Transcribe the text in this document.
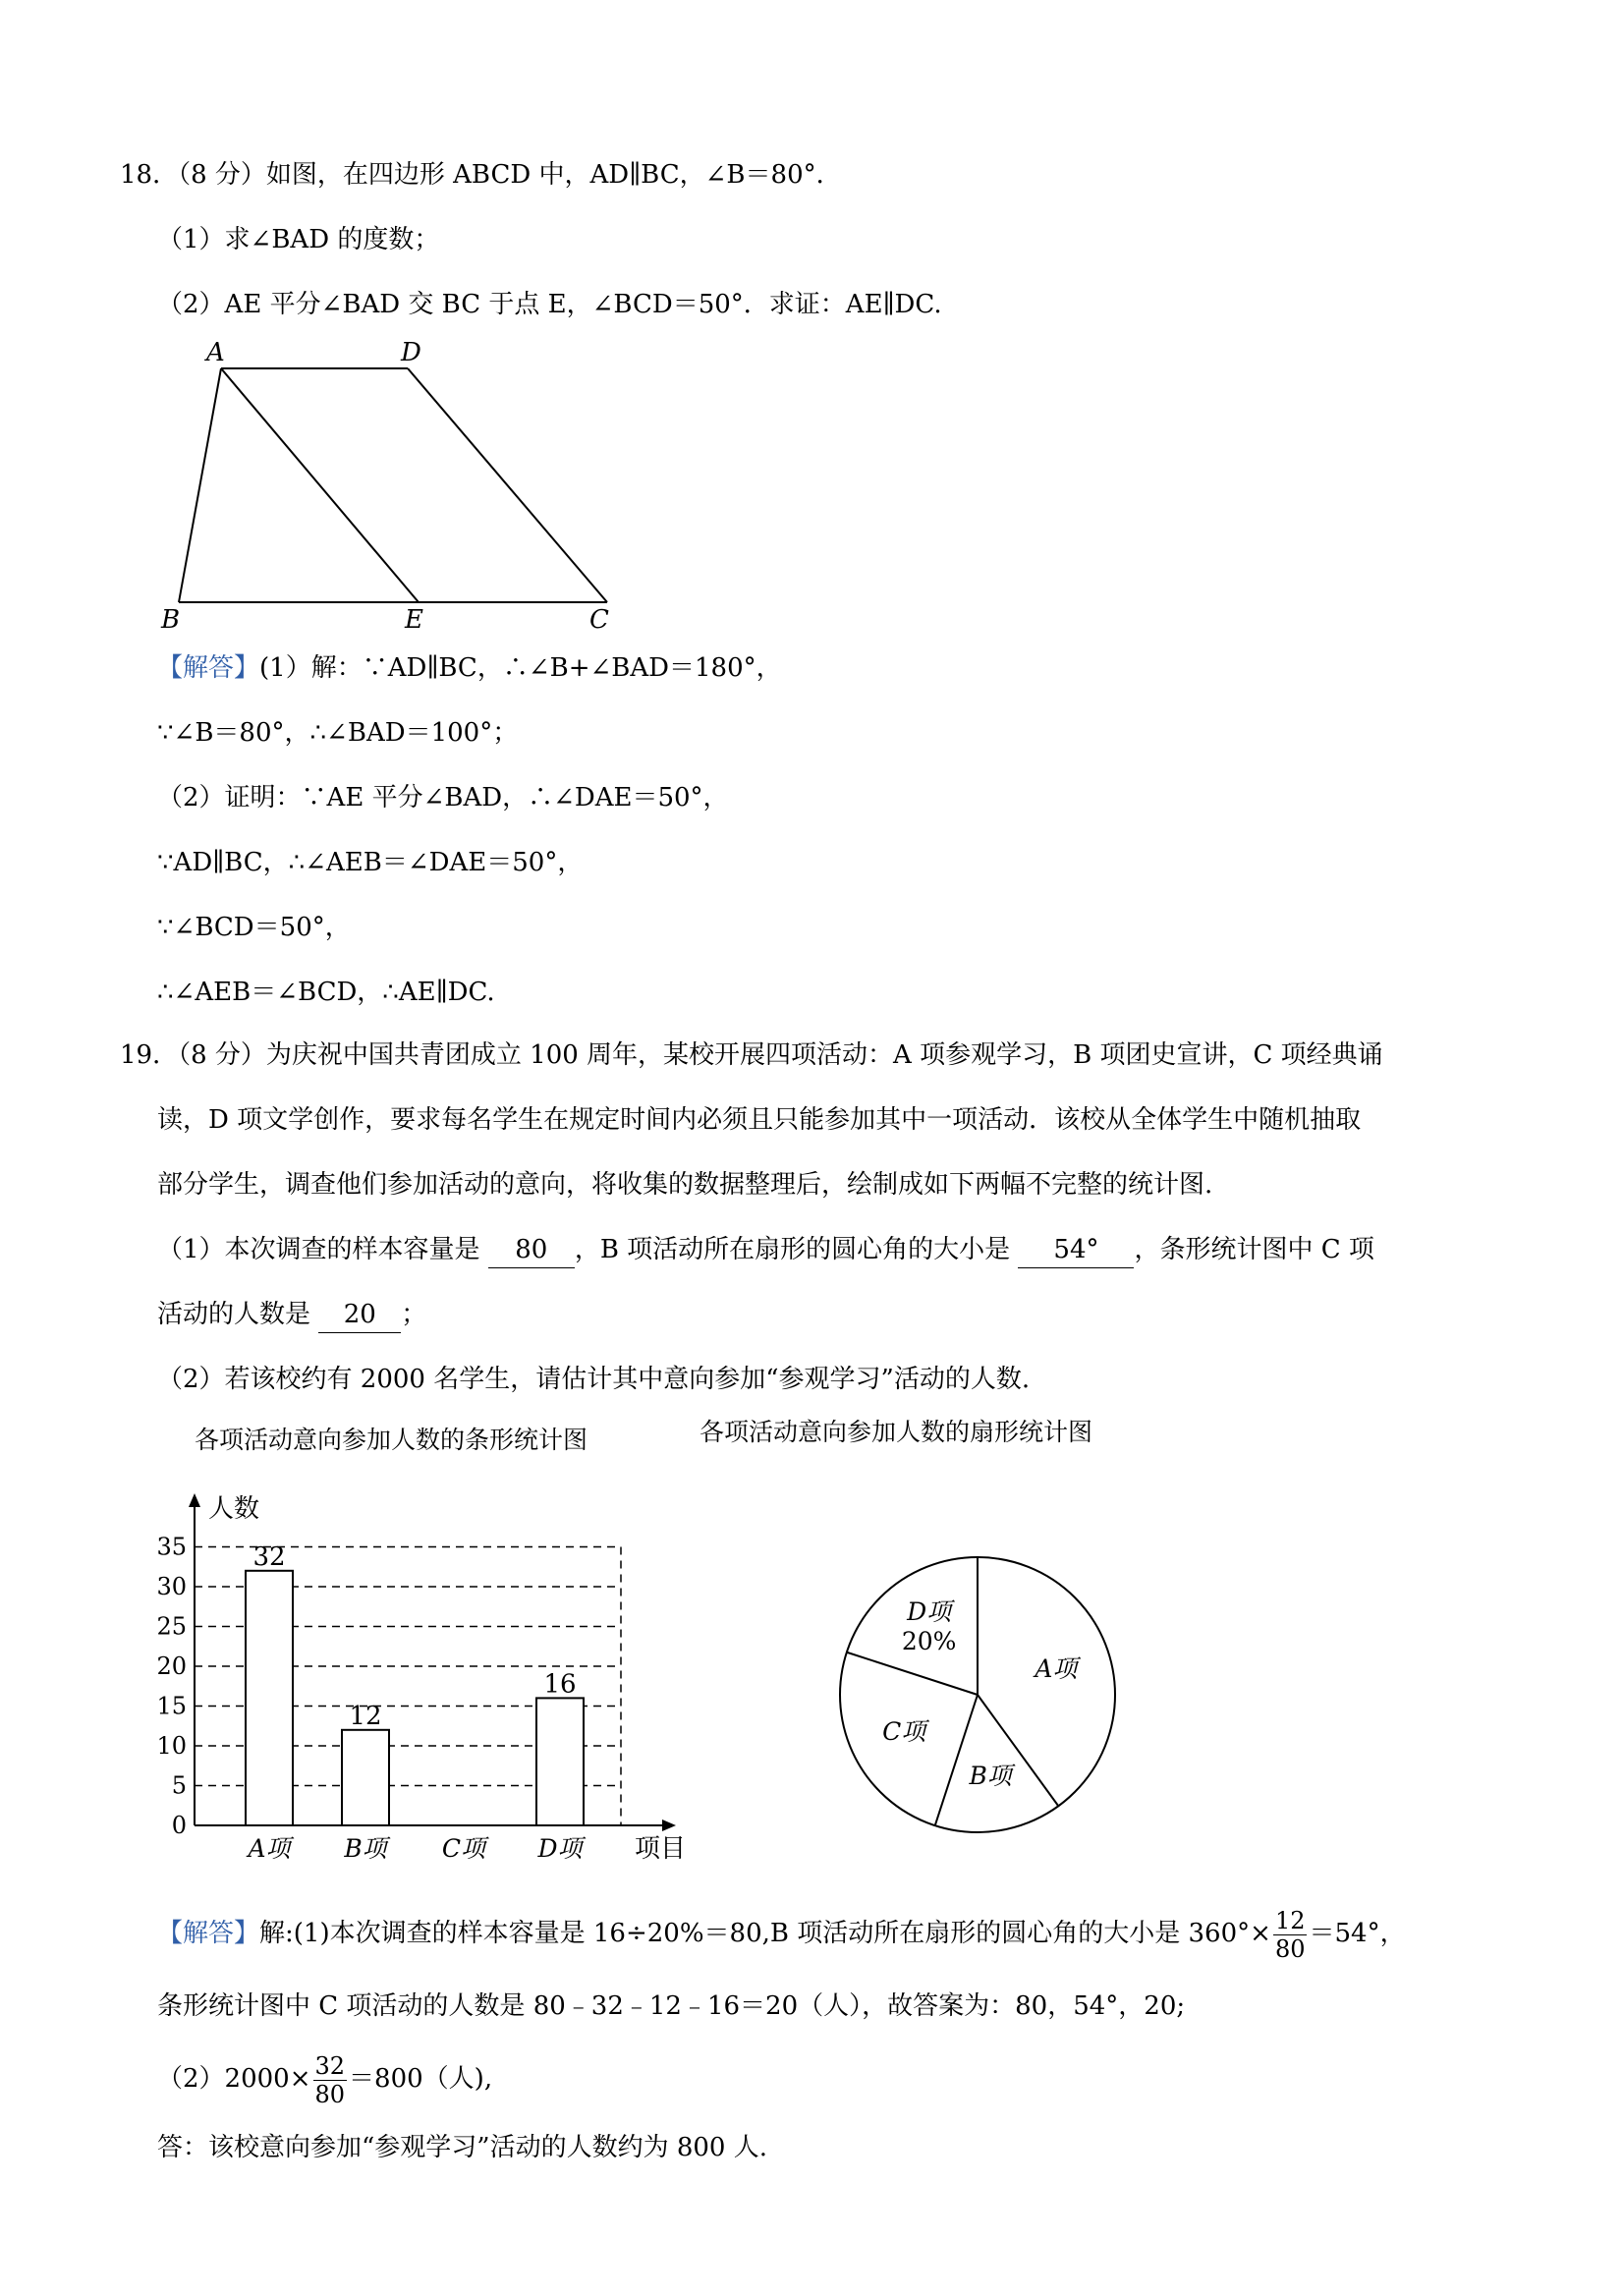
18．（8 分）如图，在四边形 ABCD 中，AD∥BC，∠B＝80°．
（1）求∠BAD 的度数；
（2）AE 平分∠BAD 交 BC 于点 E，∠BCD＝50°．求证：AE∥DC.
A	D
B	E	C
【解答】(1）解：∵AD∥BC，∴∠B+∠BAD＝180°，
∵∠B＝80°，∴∠BAD＝100°；
（2）证明：∵AE 平分∠BAD，∴∠DAE＝50°，
∵AD∥BC，∴∠AEB＝∠DAE＝50°，
∵∠BCD＝50°，
∴∠AEB＝∠BCD，∴AE∥DC.
19．（8 分）为庆祝中国共青团成立 100 周年，某校开展四项活动：A 项参观学习，B 项团史宣讲，C 项经典诵
读，D 项文学创作，要求每名学生在规定时间内必须且只能参加其中一项活动．该校从全体学生中随机抽取
部分学生，调查他们参加活动的意向，将收集的数据整理后，绘制成如下两幅不完整的统计图.
（1）本次调查的样本容量是 80 ，B 项活动所在扇形的圆心角的大小是 54° ，条形统计图中 C 项
活动的人数是 20 ；
（2）若该校约有 2000 名学生，请估计其中意向参加“参观学习”活动的人数.
各项活动意向参加人数的条形统计图	各项活动意向参加人数的扇形统计图
人数
项目
0
5
10
15
20
25
30
35	32
A项
12
B项 C项
16
D项
A项
B项
C项
D项
20%
【解答】解:(1)本次调查的样本容量是 16÷20%＝80,B 项活动所在扇形的圆心角的大小是 $360^\circ\times \frac{12}{80} =54^\circ$，
条形统计图中 C 项活动的人数是 80﹣32﹣12﹣16＝20（人），故答案为：80，54°，20;
$(2)2000\times \frac{32}{80} =800$（人),
答：该校意向参加“参观学习”活动的人数约为 800 人.
